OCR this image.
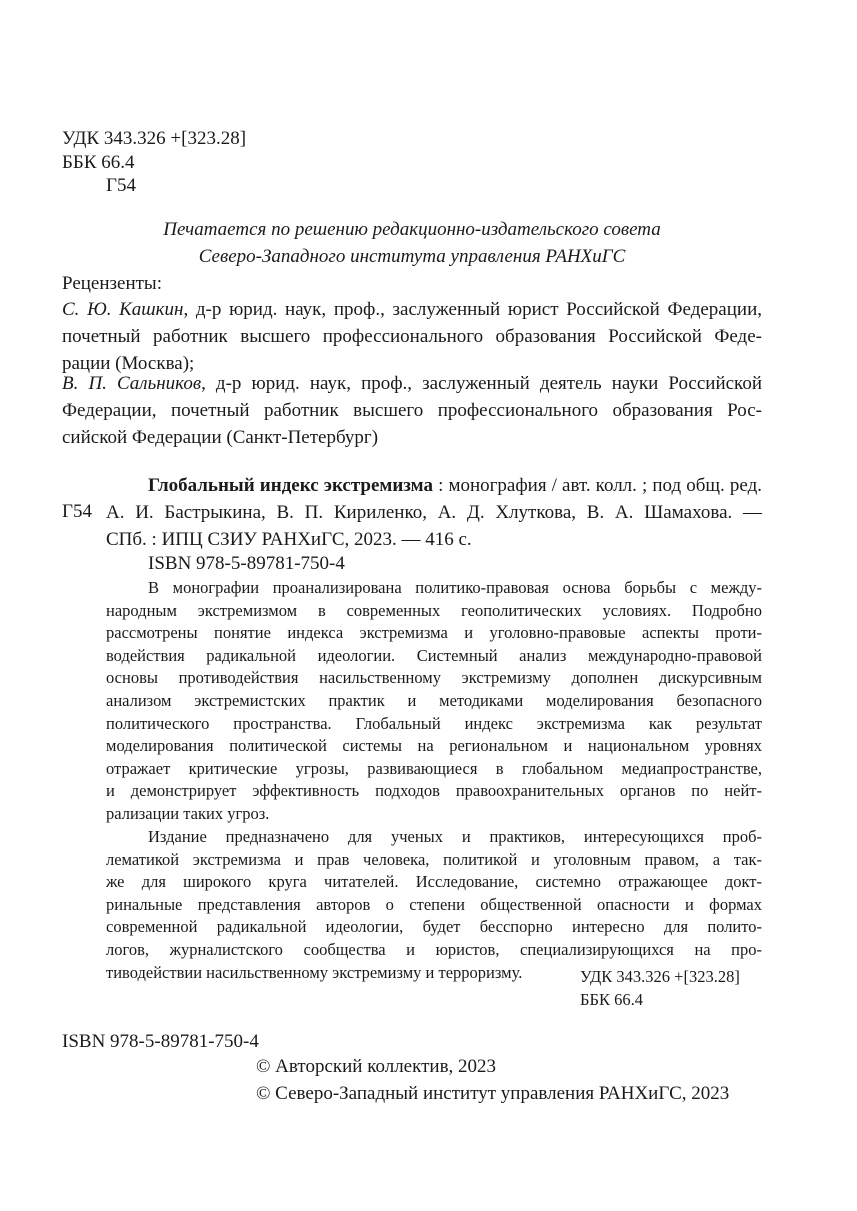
УДК 343.326 +[323.28]
ББК 66.4
Г54
Печатается по решению редакционно-издательского совета
Северо-Западного института управления РАНХиГС
Рецензенты:
С. Ю. Кашкин, д-р юрид. наук, проф., заслуженный юрист Российской Федерации,
почетный работник высшего профессионального образования Российской Феде-
рации (Москва);
В. П. Сальников, д-р юрид. наук, проф., заслуженный деятель науки Российской
Федерации, почетный работник высшего профессионального образования Рос-
сийской Федерации (Санкт-Петербург)
Г54
Глобальный индекс экстремизма : монография / авт. колл. ; под общ. ред.
А. И. Бастрыкина, В. П. Кириленко, А. Д. Хлуткова, В. А. Шамахова. —
СПб. : ИПЦ СЗИУ РАНХиГС, 2023. — 416 с.
ISBN 978-5-89781-750-4
В монографии проанализирована политико-правовая основа борьбы с между-
народным экстремизмом в современных геополитических условиях. Подробно
рассмотрены понятие индекса экстремизма и уголовно-правовые аспекты проти-
водействия радикальной идеологии. Системный анализ международно-правовой
основы противодействия насильственному экстремизму дополнен дискурсивным
анализом экстремистских практик и методиками моделирования безопасного
политического пространства. Глобальный индекс экстремизма как результат
моделирования политической системы на региональном и национальном уровнях
отражает критические угрозы, развивающиеся в глобальном медиапространстве,
и демонстрирует эффективность подходов правоохранительных органов по нейт-
рализации таких угроз.
Издание предназначено для ученых и практиков, интересующихся проб-
лематикой экстремизма и прав человека, политикой и уголовным правом, а так-
же для широкого круга читателей. Исследование, системно отражающее докт-
ринальные представления авторов о степени общественной опасности и формах
современной радикальной идеологии, будет бесспорно интересно для полито-
логов, журналистского сообщества и юристов, специализирующихся на про-
тиводействии насильственному экстремизму и терроризму.	УДК 343.326 +[323.28]
ББК 66.4
ISBN 978-5-89781-750-4
© Авторский коллектив, 2023
© Северо-Западный институт управления РАНХиГС, 2023
